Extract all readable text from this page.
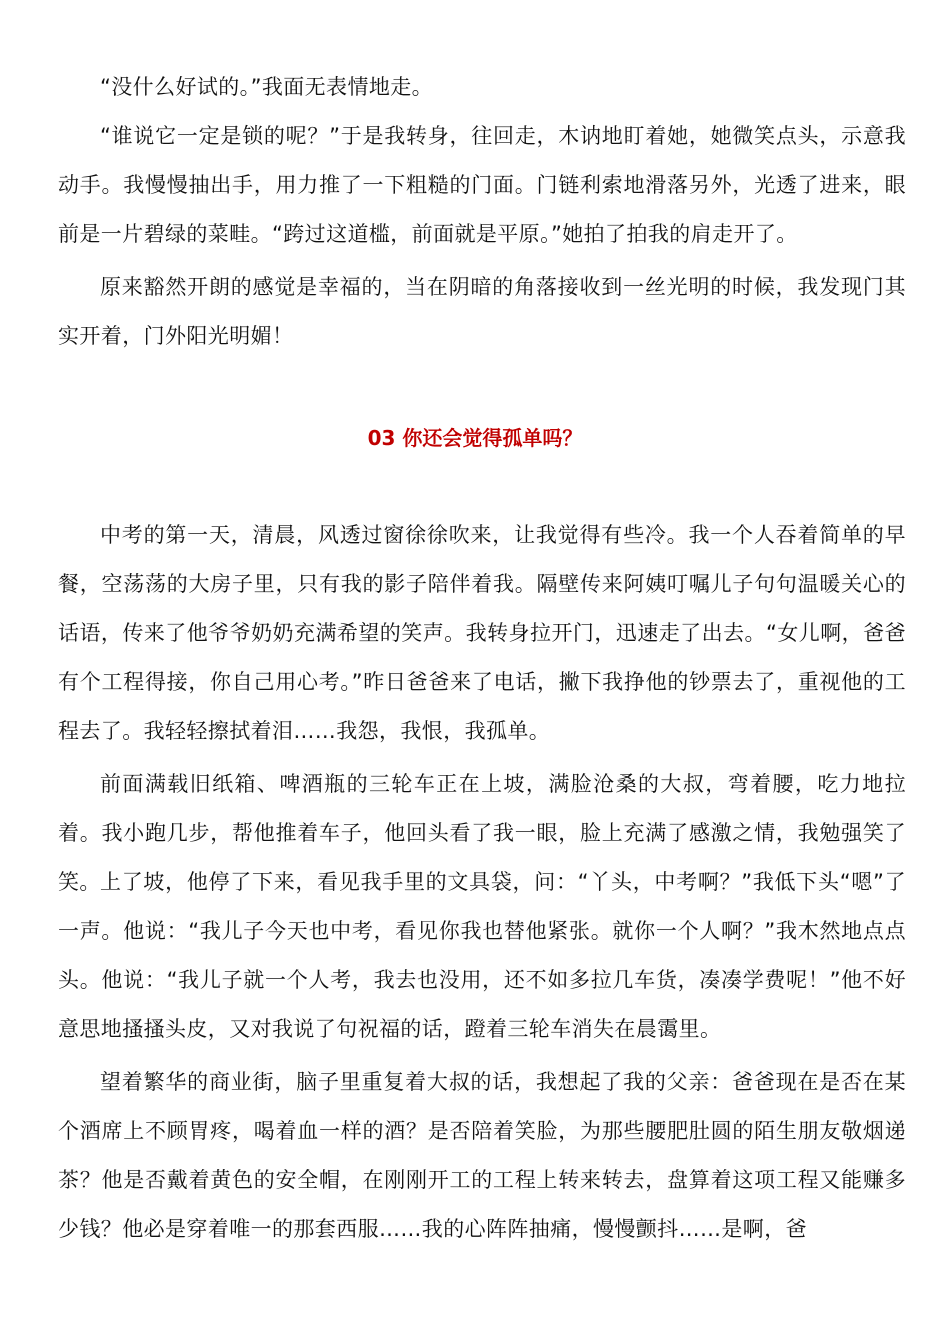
“没什么好试的。”我面无表情地走。

“谁说它一定是锁的呢？”于是我转身，往回走，木讷地盯着她，她微笑点头，示意我动手。我慢慢抽出手，用力推了一下粗糙的门面。门链利索地滑落另外，光透了进来，眼前是一片碧绿的菜畦。“跨过这道槛，前面就是平原。”她拍了拍我的肩走开了。

原来豁然开朗的感觉是幸福的，当在阴暗的角落接收到一丝光明的时候，我发现门其实开着，门外阳光明媚！

03 你还会觉得孤单吗？

中考的第一天，清晨，风透过窗徐徐吹来，让我觉得有些冷。我一个人吞着简单的早餐，空荡荡的大房子里，只有我的影子陪伴着我。隔壁传来阿姨叮嘱儿子句句温暖关心的话语，传来了他爷爷奶奶充满希望的笑声。我转身拉开门，迅速走了出去。“女儿啊，爸爸有个工程得接，你自己用心考。”昨日爸爸来了电话，撇下我挣他的钞票去了，重视他的工程去了。我轻轻擦拭着泪……我怨，我恨，我孤单。

前面满载旧纸箱、啤酒瓶的三轮车正在上坡，满脸沧桑的大叔，弯着腰，吃力地拉着。我小跑几步，帮他推着车子，他回头看了我一眼，脸上充满了感激之情，我勉强笑了笑。 上了坡，他停了下来，看见我手里的文具袋，问：“丫头，中考啊？”我低下头“嗯”了一声。他说：“我儿子今天也中考，看见你我也替他紧张。就你一个人啊？”我木然地点点头。他说：“我儿子就一个人考，我去也没用，还不如多拉几车货，凑凑学费呢！”他不好意思地搔搔头皮，又对我说了句祝福的话，蹬着三轮车消失在晨霭里。

望着繁华的商业街，脑子里重复着大叔的话，我想起了我的父亲：爸爸现在是否在某个酒席上不顾胃疼，喝着血一样的酒？是否陪着笑脸，为那些腰肥肚圆的陌生朋友敬烟递茶？他是否戴着黄色的安全帽，在刚刚开工的工程上转来转去，盘算着这项工程又能赚多少钱？他必是穿着唯一的那套西服……我的心阵阵抽痛，慢慢颤抖……是啊，爸
